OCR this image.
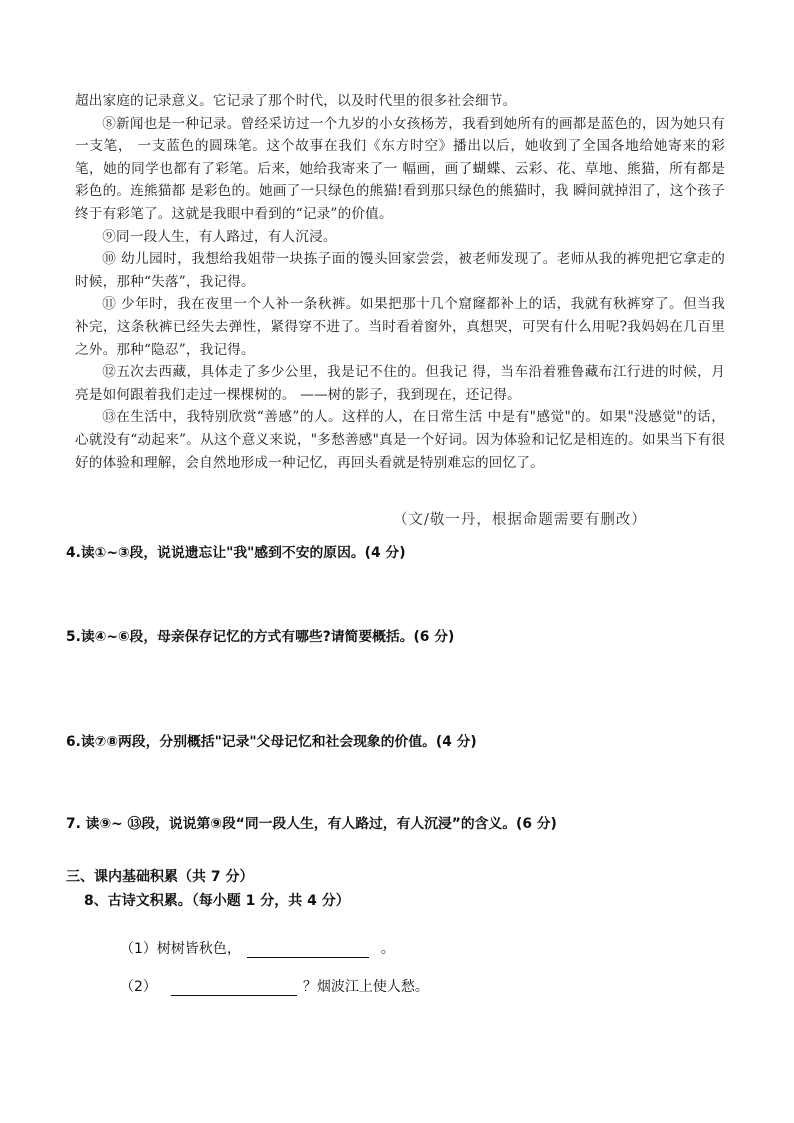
超出家庭的记录意义。它记录了那个时代，以及时代里的很多社会细节。

⑧新闻也是一种记录。曾经采访过一个九岁的小女孩杨芳，我看到她所有的画都是蓝色的，因为她只有一支笔， 一支蓝色的圆珠笔。这个故事在我们《东方时空》播出以后，她收到了全国各地给她寄来的彩笔，她的同学也都有了彩笔。后来，她给我寄来了一 幅画，画了蝴蝶、云彩、花、草地、熊猫，所有都是彩色的。连熊猫都 是彩色的。她画了一只绿色的熊猫!看到那只绿色的熊猫时，我 瞬间就掉泪了，这个孩子终于有彩笔了。这就是我眼中看到的“记录”的价值。

⑨同一段人生，有人路过，有人沉浸。

⑩ 幼儿园时，我想给我姐带一块拣子面的馒头回家尝尝，被老师发现了。老师从我的裤兜把它拿走的时候，那种“失落”，我记得。

⑪ 少年时，我在夜里一个人补一条秋裤。如果把那十几个窟窿都补上的话，我就有秋裤穿了。但当我补完，这条秋裤已经失去弹性，紧得穿不进了。当时看着窗外，真想哭，可哭有什么用呢?我妈妈在几百里之外。那种“隐忍”，我记得。

⑫五次去西藏，具体走了多少公里，我是记不住的。但我记 得，当车沿着雅鲁藏布江行进的时候，月亮是如何跟着我们走过一棵棵树的。 ——树的影子，我到现在，还记得。

⑬在生活中，我特别欣赏“善感”的人。这样的人，在日常生活 中是有"感觉"的。如果"没感觉"的话，心就没有“动起来”。从这个意义来说，"多愁善感"真是一个好词。因为体验和记忆是相连的。如果当下有很好的体验和理解，会自然地形成一种记忆，再回头看就是特别难忘的回忆了。

（文/敬一丹，根据命题需要有删改）
4.读①~③段，说说遗忘让"我"感到不安的原因。(4 分)
5.读④~⑥段，母亲保存记忆的方式有哪些?请简要概括。(6 分)
6.读⑦⑧两段，分别概括"记录"父母记忆和社会现象的价值。(4 分)
7. 读⑨~ ⑬段，说说第⑨段“同一段人生，有人路过，有人沉浸”的含义。(6 分)
三、课内基础积累（共 7 分）
8、古诗文积累。（每小题 1 分，共 4 分）
（1）树树皆秋色，	。
（2）	？烟波江上使人愁。
